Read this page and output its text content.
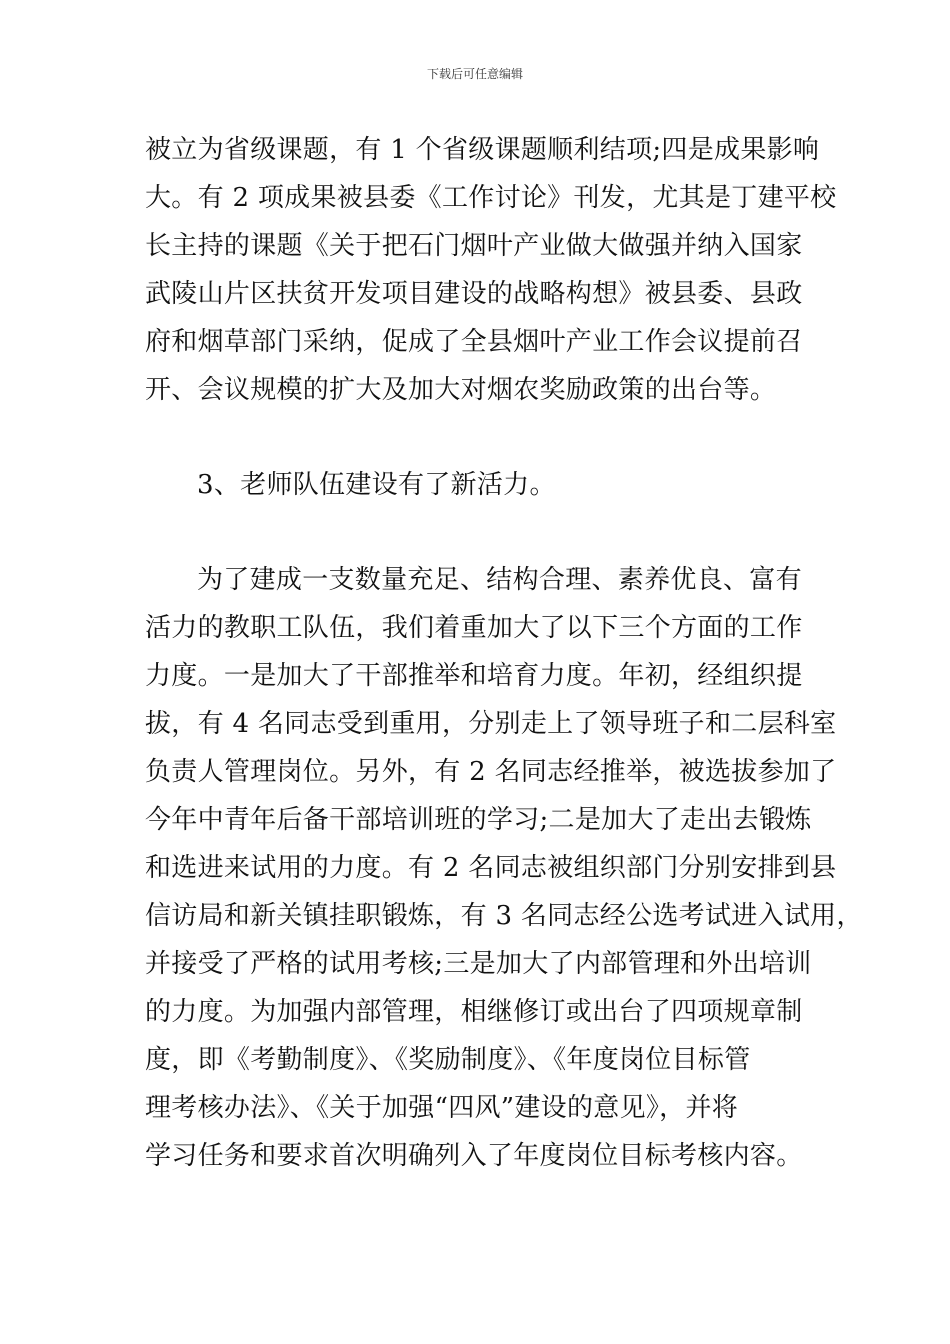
下载后可任意编辑
被立为省级课题，有 1 个省级课题顺利结项;四是成果影响
大。有 2 项成果被县委《工作讨论》刊发，尤其是丁建平校
长主持的课题《关于把石门烟叶产业做大做强并纳入国家
武陵山片区扶贫开发项目建设的战略构想》被县委、县政
府和烟草部门采纳，促成了全县烟叶产业工作会议提前召
开、会议规模的扩大及加大对烟农奖励政策的出台等。
3、老师队伍建设有了新活力。
为了建成一支数量充足、结构合理、素养优良、富有
活力的教职工队伍，我们着重加大了以下三个方面的工作
力度。一是加大了干部推举和培育力度。年初，经组织提
拔，有 4 名同志受到重用，分别走上了领导班子和二层科室
负责人管理岗位。另外，有 2 名同志经推举，被选拔参加了
今年中青年后备干部培训班的学习;二是加大了走出去锻炼
和选进来试用的力度。有 2 名同志被组织部门分别安排到县
信访局和新关镇挂职锻炼，有 3 名同志经公选考试进入试用，
并接受了严格的试用考核;三是加大了内部管理和外出培训
的力度。为加强内部管理，相继修订或出台了四项规章制
度，即《考勤制度》、《奖励制度》、《年度岗位目标管
理考核办法》、《关于加强“四风”建设的意见》，并将
学习任务和要求首次明确列入了年度岗位目标考核内容。
